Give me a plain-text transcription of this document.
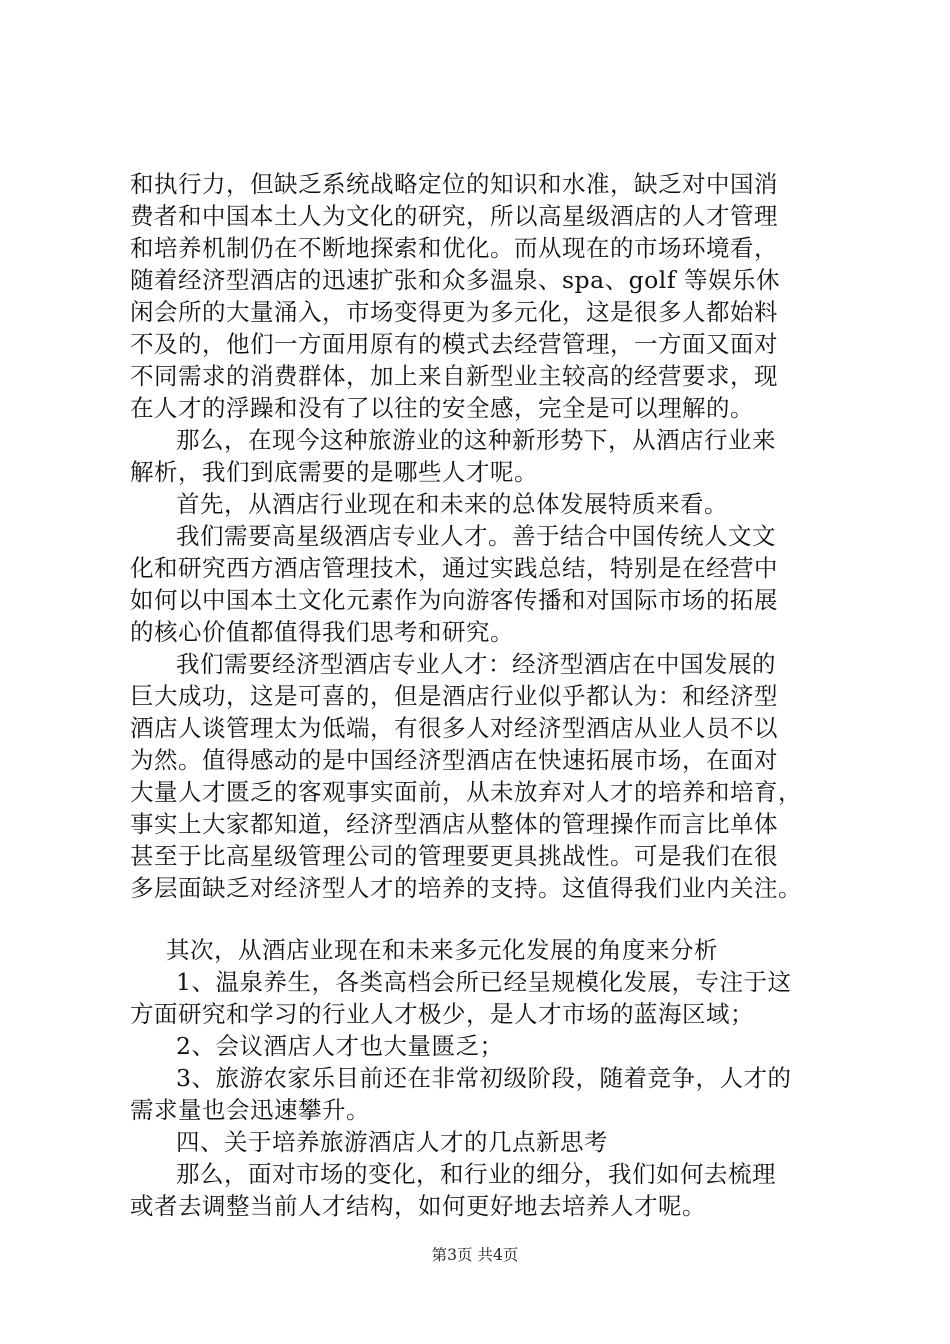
和执行力，但缺乏系统战略定位的知识和水准，缺乏对中国消
费者和中国本土人为文化的研究，所以高星级酒店的人才管理
和培养机制仍在不断地探索和优化。而从现在的市场环境看，
随着经济型酒店的迅速扩张和众多温泉、spa、golf 等娱乐休
闲会所的大量涌入，市场变得更为多元化，这是很多人都始料
不及的，他们一方面用原有的模式去经营管理，一方面又面对
不同需求的消费群体，加上来自新型业主较高的经营要求，现
在人才的浮躁和没有了以往的安全感，完全是可以理解的。
那么，在现今这种旅游业的这种新形势下，从酒店行业来
解析，我们到底需要的是哪些人才呢。
首先，从酒店行业现在和未来的总体发展特质来看。
我们需要高星级酒店专业人才。善于结合中国传统人文文
化和研究西方酒店管理技术，通过实践总结，特别是在经营中
如何以中国本土文化元素作为向游客传播和对国际市场的拓展
的核心价值都值得我们思考和研究。
我们需要经济型酒店专业人才：经济型酒店在中国发展的
巨大成功，这是可喜的，但是酒店行业似乎都认为：和经济型
酒店人谈管理太为低端，有很多人对经济型酒店从业人员不以
为然。值得感动的是中国经济型酒店在快速拓展市场，在面对
大量人才匮乏的客观事实面前，从未放弃对人才的培养和培育，
事实上大家都知道，经济型酒店从整体的管理操作而言比单体
甚至于比高星级管理公司的管理要更具挑战性。可是我们在很
多层面缺乏对经济型人才的培养的支持。这值得我们业内关注。
其次，从酒店业现在和未来多元化发展的角度来分析
1、温泉养生，各类高档会所已经呈规模化发展，专注于这
方面研究和学习的行业人才极少，是人才市场的蓝海区域；
2、会议酒店人才也大量匮乏；
3、旅游农家乐目前还在非常初级阶段，随着竞争，人才的
需求量也会迅速攀升。
四、关于培养旅游酒店人才的几点新思考
那么，面对市场的变化，和行业的细分，我们如何去梳理
或者去调整当前人才结构，如何更好地去培养人才呢。
第3页 共4页
